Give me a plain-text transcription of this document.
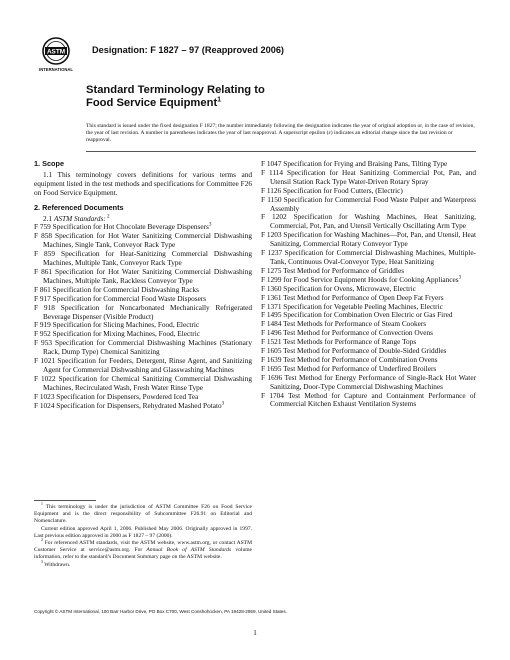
ASTM
INTERNATIONAL
Designation: F 1827 – 97 (Reapproved 2006)
Standard Terminology Relating to
Food Service Equipment$^1$
This standard is issued under the fixed designation F 1827; the number immediately following the designation indicates the year of original adoption or, in the case of revision, the year of last revision. A number in parentheses indicates the year of last reapproval. A superscript epsilon (ε) indicates an editorial change since the last revision or reapproval.
1. Scope

1.1 This terminology covers definitions for various terms and equipment listed in the test methods and specifications for Committee F26 on Food Service Equipment.

2. Referenced Documents
2.1 ASTM Standards: $^2$

F 759 Specification for Hot Chocolate Beverage Dispensers$^3$

F 858 Specification for Hot Water Sanitizing Commercial Dishwashing Machines, Single Tank, Conveyor Rack Type

F 859 Specification for Heat-Sanitizing Commercial Dishwashing Machines, Multiple Tank, Conveyor Rack Type

F 861 Specification for Hot Water Sanitizing Commercial Dishwashing Machines, Multiple Tank, Rackless Conveyor Type

F 861 Specification for Commercial Dishwashing Racks

F 917 Specification for Commercial Food Waste Disposers

F 918 Specification for Noncarbonated Mechanically Refrigerated Beverage Dispenser (Visible Product)

F 919 Specification for Slicing Machines, Food, Electric

F 952 Specification for Mixing Machines, Food, Electric

F 953 Specification for Commercial Dishwashing Machines (Stationary Rack, Dump Type) Chemical Sanitizing

F 1021 Specification for Feeders, Detergent, Rinse Agent, and Sanitizing Agent for Commercial Dishwashing and Glasswashing Machines

F 1022 Specification for Chemical Sanitizing Commercial Dishwashing Machines, Recirculated Wash, Fresh Water Rinse Type

F 1023 Specification for Dispensers, Powdered Iced Tea

F 1024 Specification for Dispensers, Rehydrated Mashed Potato$^3$

$^1$ This terminology is under the jurisdiction of ASTM Committee F26 on Food Service Equipment and is the direct responsibility of Subcommittee F26.91 on Editorial and Nomenclature.

Current edition approved April 1, 2006. Published May 2006. Originally approved in 1997. Last previous edition approved in 2000 as F 1827 – 97 (2000).

$^2$ For referenced ASTM standards, visit the ASTM website, www.astm.org, or contact ASTM Customer Service at service@astm.org. For Annual Book of ASTM Standards volume information, refer to the standard’s Document Summary page on the ASTM website.

$^3$ Withdrawn.

F 1047 Specification for Frying and Braising Pans, Tilting Type

F 1114 Specification for Heat Sanitizing Commercial Pot, Pan, and Utensil Station Rack Type Water-Driven Rotary Spray

F 1126 Specification for Food Cutters, (Electric)

F 1150 Specification for Commercial Food Waste Pulper and Waterpress Assembly

F 1202 Specification for Washing Machines, Heat Sanitizing, Commercial, Pot, Pan, and Utensil Vertically Oscillating Arm Type

F 1203 Specification for Washing Machines—Pot, Pan, and Utensil, Heat Sanitizing, Commercial Rotary Conveyor Type

F 1237 Specification for Commercial Dishwashing Machines, Multiple-Tank, Continuous Oval-Conveyor Type, Heat Sanitizing

F 1275 Test Method for Performance of Griddles

F 1299 for Food Service Equipment Hoods for Cooking Appliances$^3$

F 1360 Specification for Ovens, Microwave, Electric

F 1361 Test Method for Performance of Open Deep Fat Fryers

F 1371 Specification for Vegetable Peeling Machines, Electric

F 1495 Specification for Combination Oven Electric or Gas Fired

F 1484 Test Methods for Performance of Steam Cookers

F 1496 Test Method for Performance of Convection Ovens

F 1521 Test Methods for Performance of Range Tops

F 1605 Test Method for Performance of Double-Sided Griddles

F 1639 Test Method for Performance of Combination Ovens

F 1695 Test Method for Performance of Underfired Broilers

F 1696 Test Method for Energy Performance of Single-Rack Hot Water Sanitizing, Door-Type Commercial Dishwashing Machines

F 1704 Test Method for Capture and Containment Performance of Commercial Kitchen Exhaust Ventilation Systems

Copyright © ASTM International, 100 Barr Harbor Drive, PO Box C700, West Conshohocken, PA 19428-2959, United States.
1
